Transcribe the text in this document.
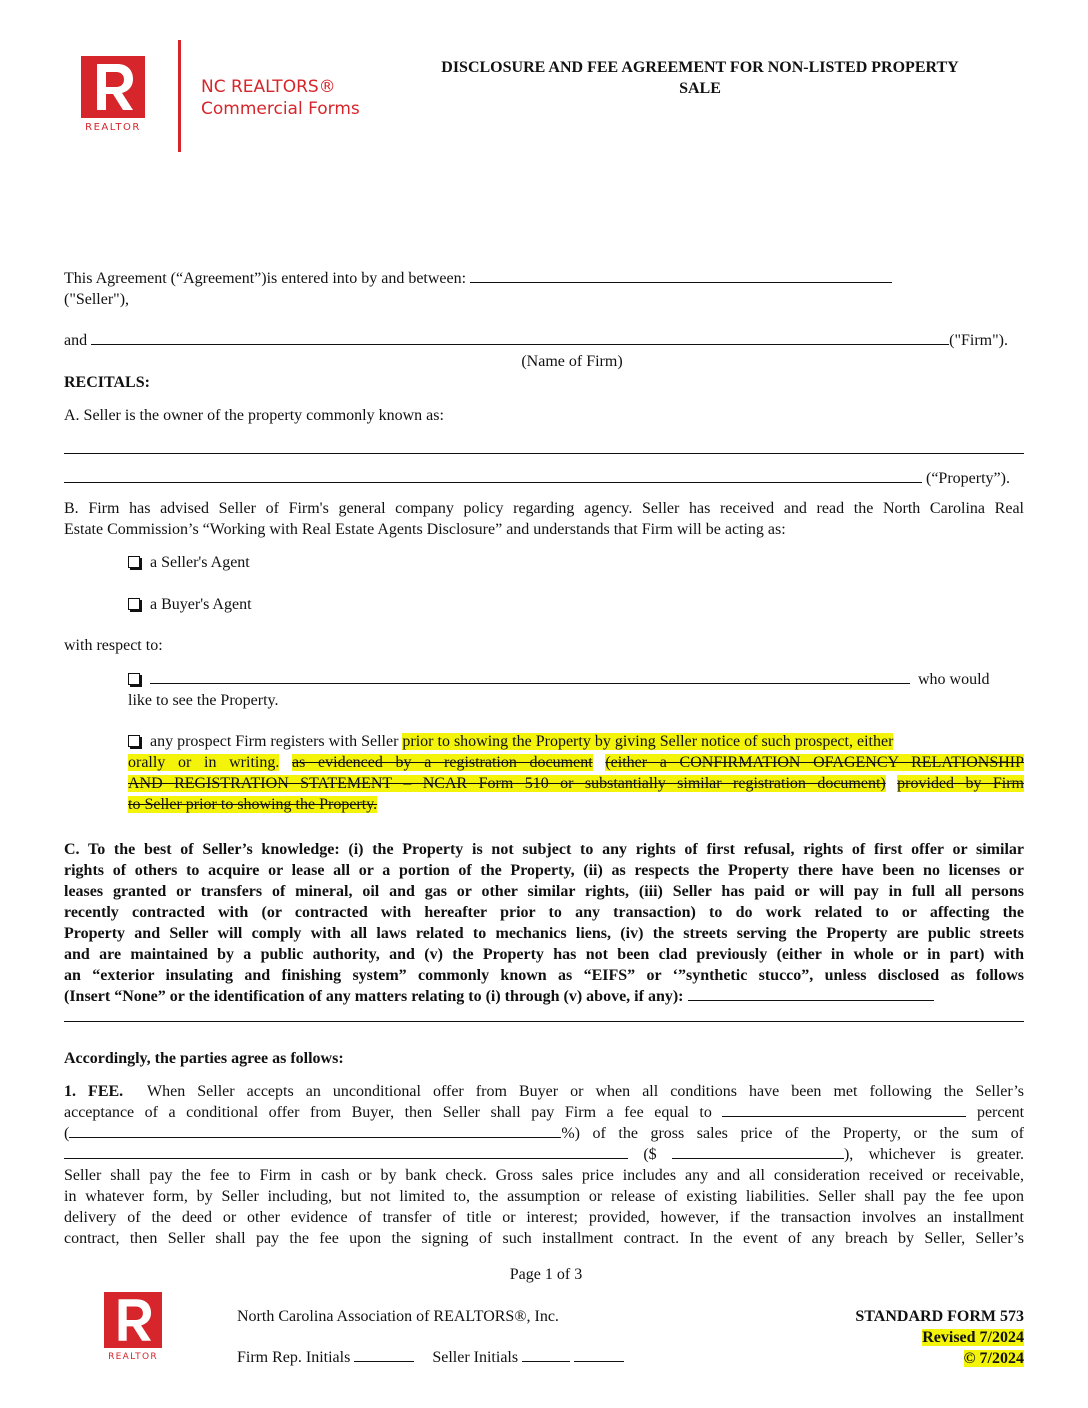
REALTOR
NC REALTORS®
Commercial Forms
DISCLOSURE AND FEE AGREEMENT FOR NON-LISTED PROPERTY
SALE
This Agreement (“Agreement”)is entered into by and between:
("Seller"),
and	("Firm").
(Name of Firm)
RECITALS:
A. Seller is the owner of the property commonly known as:
(“Property”).
B. Firm has advised Seller of Firm's general company policy regarding agency. Seller has received and read the North Carolina Real
Estate Commission’s “Working with Real Estate Agents Disclosure” and understands that Firm will be acting as:
a Seller's Agent
a Buyer's Agent
with respect to:
who would
like to see the Property.
any prospect Firm registers with Seller prior to showing the Property by giving Seller notice of such prospect, either
orally or in writing. as evidenced by a registration document (either a CONFIRMATION OFAGENCY RELATIONSHIP
AND REGISTRATION STATEMENT – NCAR Form 510 or substantially similar registration document) provided by Firm
to Seller prior to showing the Property.
C. To the best of Seller’s knowledge: (i) the Property is not subject to any rights of first refusal, rights of first offer or similar
rights of others to acquire or lease all or a portion of the Property, (ii) as respects the Property there have been no licenses or
leases granted or transfers of mineral, oil and gas or other similar rights, (iii) Seller has paid or will pay in full all persons
recently contracted with (or contracted with hereafter prior to any transaction) to do work related to or affecting the
Property and Seller will comply with all laws related to mechanics liens, (iv) the streets serving the Property are public streets
and are maintained by a public authority, and (v) the Property has not been clad previously (either in whole or in part) with
an “exterior insulating and finishing system” commonly known as “EIFS” or ‘”synthetic stucco”, unless disclosed as follows
(Insert “None” or the identification of any matters relating to (i) through (v) above, if any):
Accordingly, the parties agree as follows:
1. FEE. When Seller accepts an unconditional offer from Buyer or when all conditions have been met following the Seller’s
acceptance of a conditional offer from Buyer, then Seller shall pay Firm a fee equal to	percent
(	%) of the gross sales price of the Property, or the sum of
($	), whichever is greater.
Seller shall pay the fee to Firm in cash or by bank check. Gross sales price includes any and all consideration received or receivable,
in whatever form, by Seller including, but not limited to, the assumption or release of existing liabilities. Seller shall pay the fee upon
delivery of the deed or other evidence of transfer of title or interest; provided, however, if the transaction involves an installment
contract, then Seller shall pay the fee upon the signing of such installment contract. In the event of any breach by Seller, Seller’s
Page 1 of 3
REALTOR
North Carolina Association of REALTORS®, Inc.
Firm Rep. Initials	Seller Initials
STANDARD FORM 573
Revised 7/2024
© 7/2024
